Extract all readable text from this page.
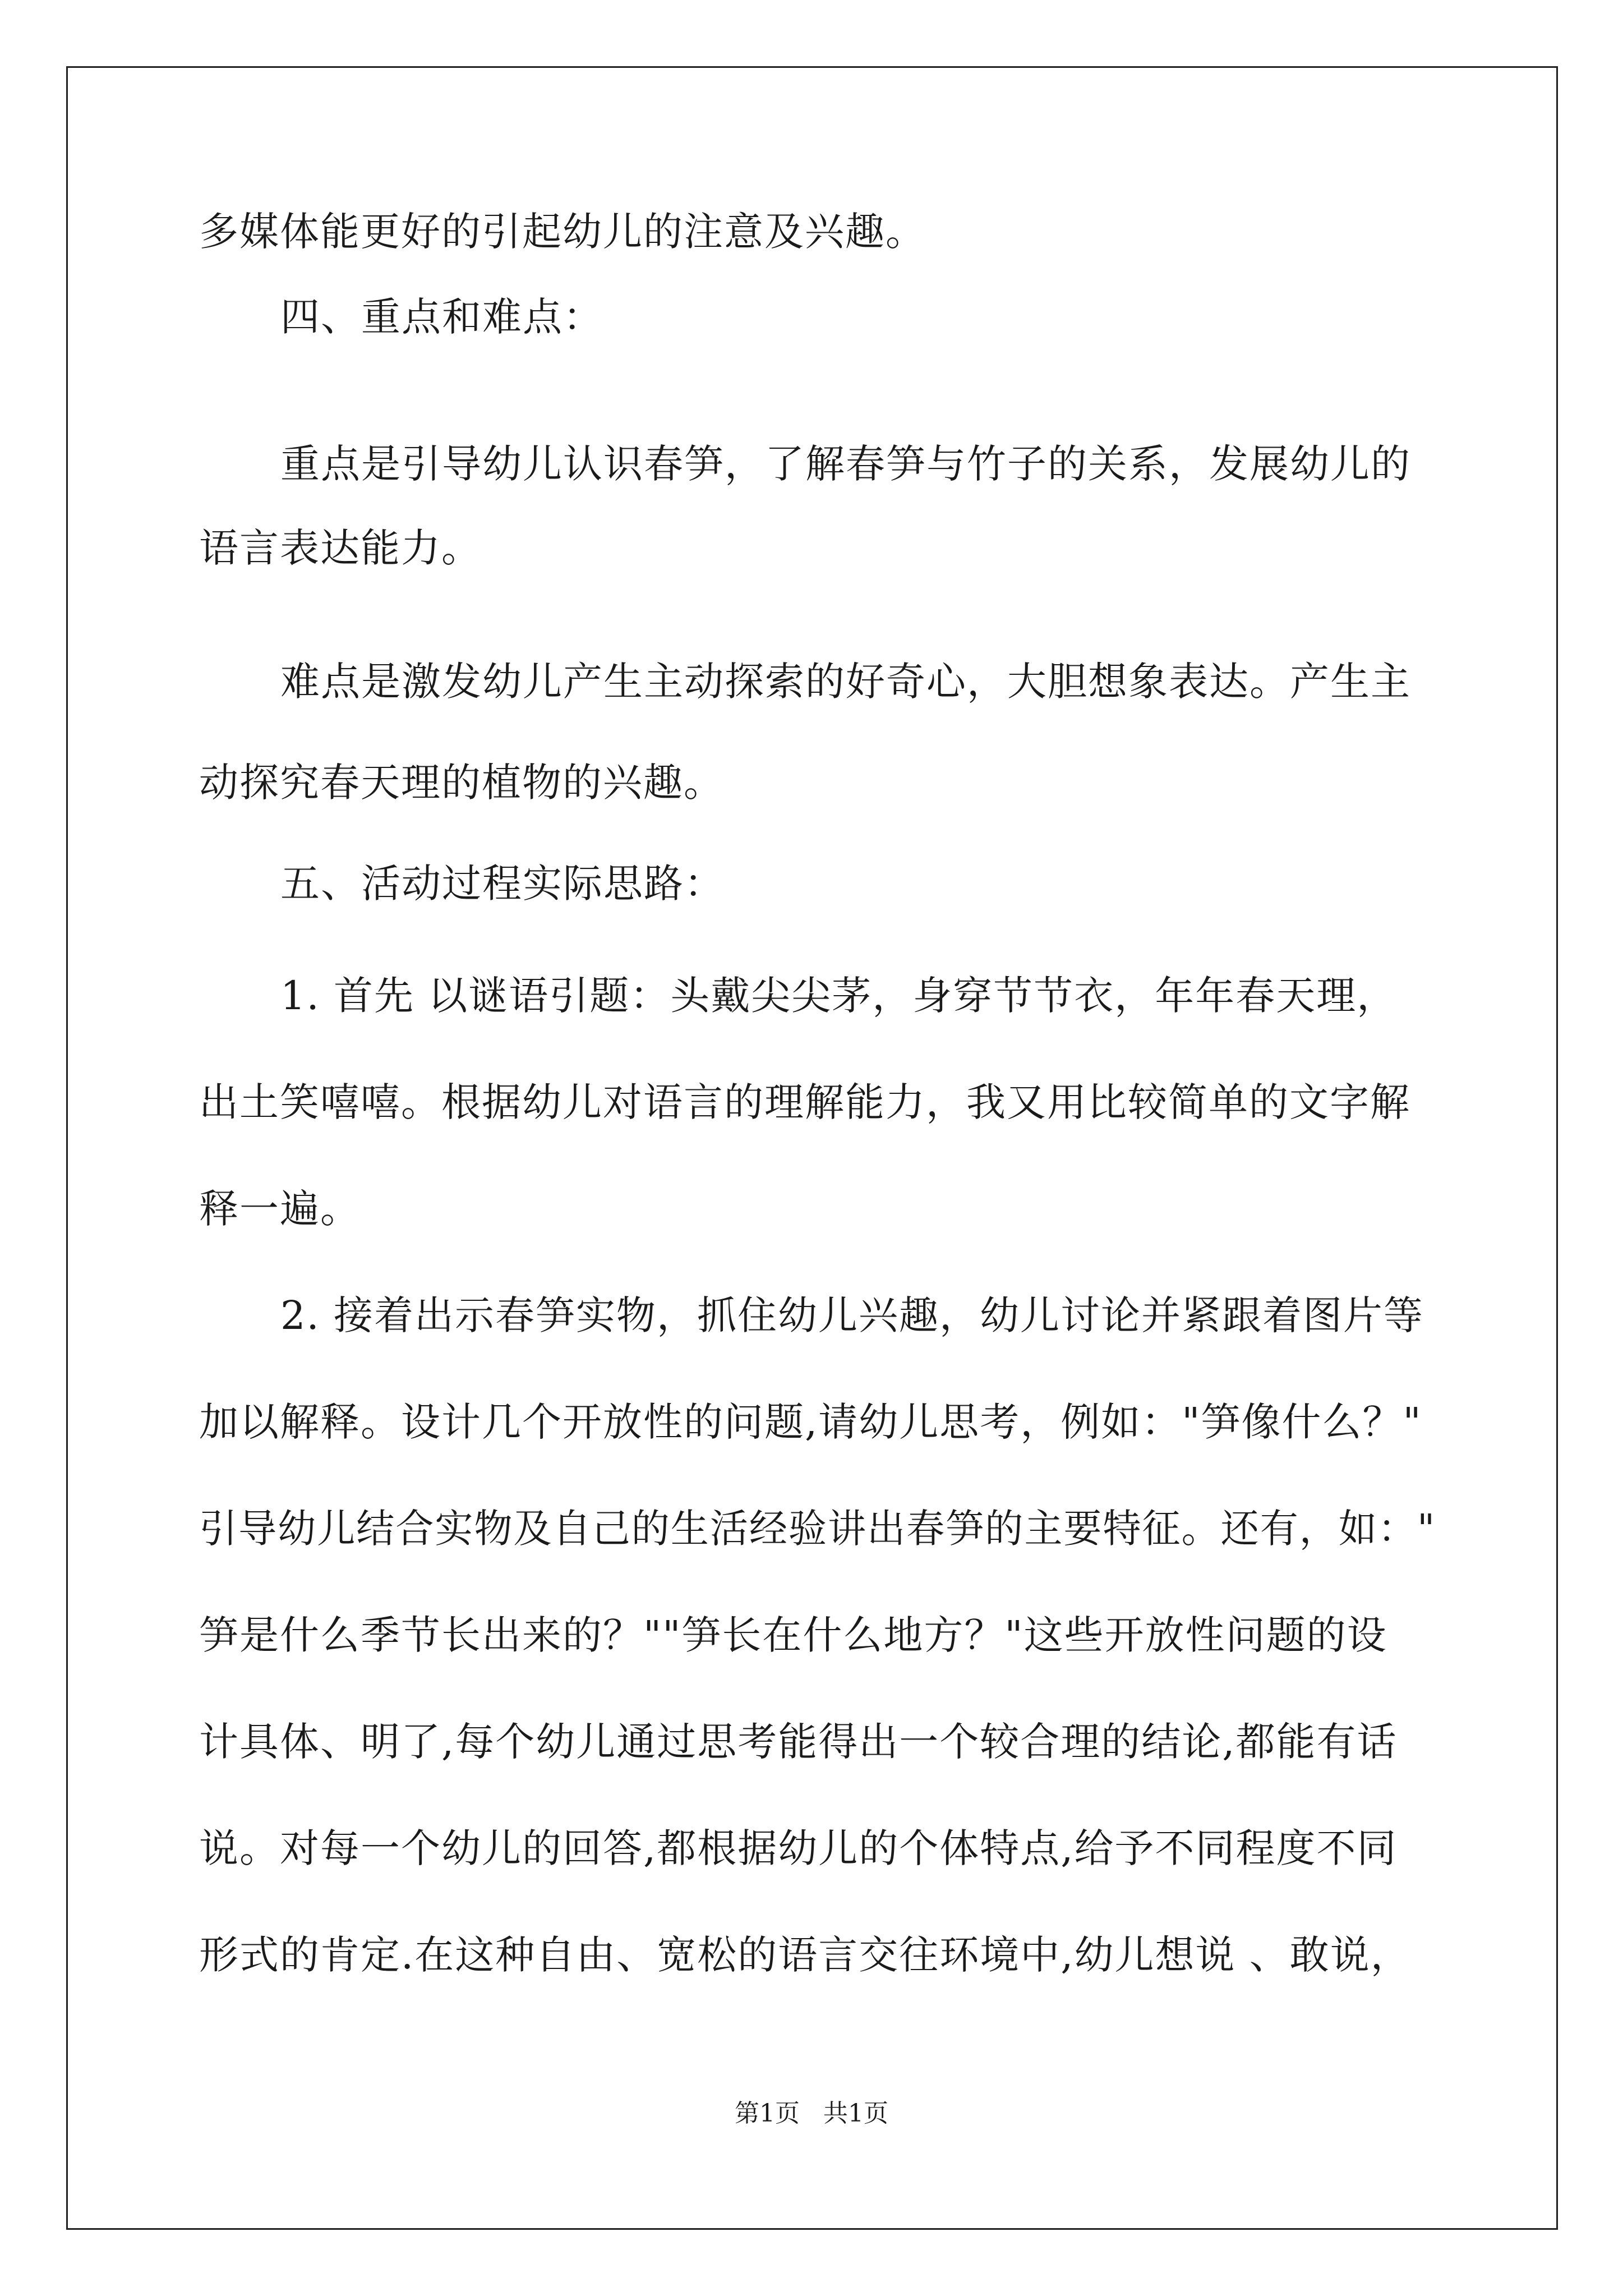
多媒体能更好的引起幼儿的注意及兴趣。
四、重点和难点：
重点是引导幼儿认识春笋，了解春笋与竹子的关系，发展幼儿的
语言表达能力。
难点是激发幼儿产生主动探索的好奇心，大胆想象表达。产生主
动探究春天理的植物的兴趣。
五、活动过程实际思路：
1. 首先 以谜语引题：头戴尖尖茅，身穿节节衣，年年春天理，
出土笑嘻嘻。根据幼儿对语言的理解能力，我又用比较简单的文字解
释一遍。
2. 接着出示春笋实物，抓住幼儿兴趣，幼儿讨论并紧跟着图片等
加以解释。设计几个开放性的问题,请幼儿思考，例如："笋像什么？"
引导幼儿结合实物及自己的生活经验讲出春笋的主要特征。还有，如："
笋是什么季节长出来的？""笋长在什么地方？"这些开放性问题的设
计具体、明了,每个幼儿通过思考能得出一个较合理的结论,都能有话
说。对每一个幼儿的回答,都根据幼儿的个体特点,给予不同程度不同
形式的肯定.在这种自由、宽松的语言交往环境中,幼儿想说 、敢说，
第1页   共1页
